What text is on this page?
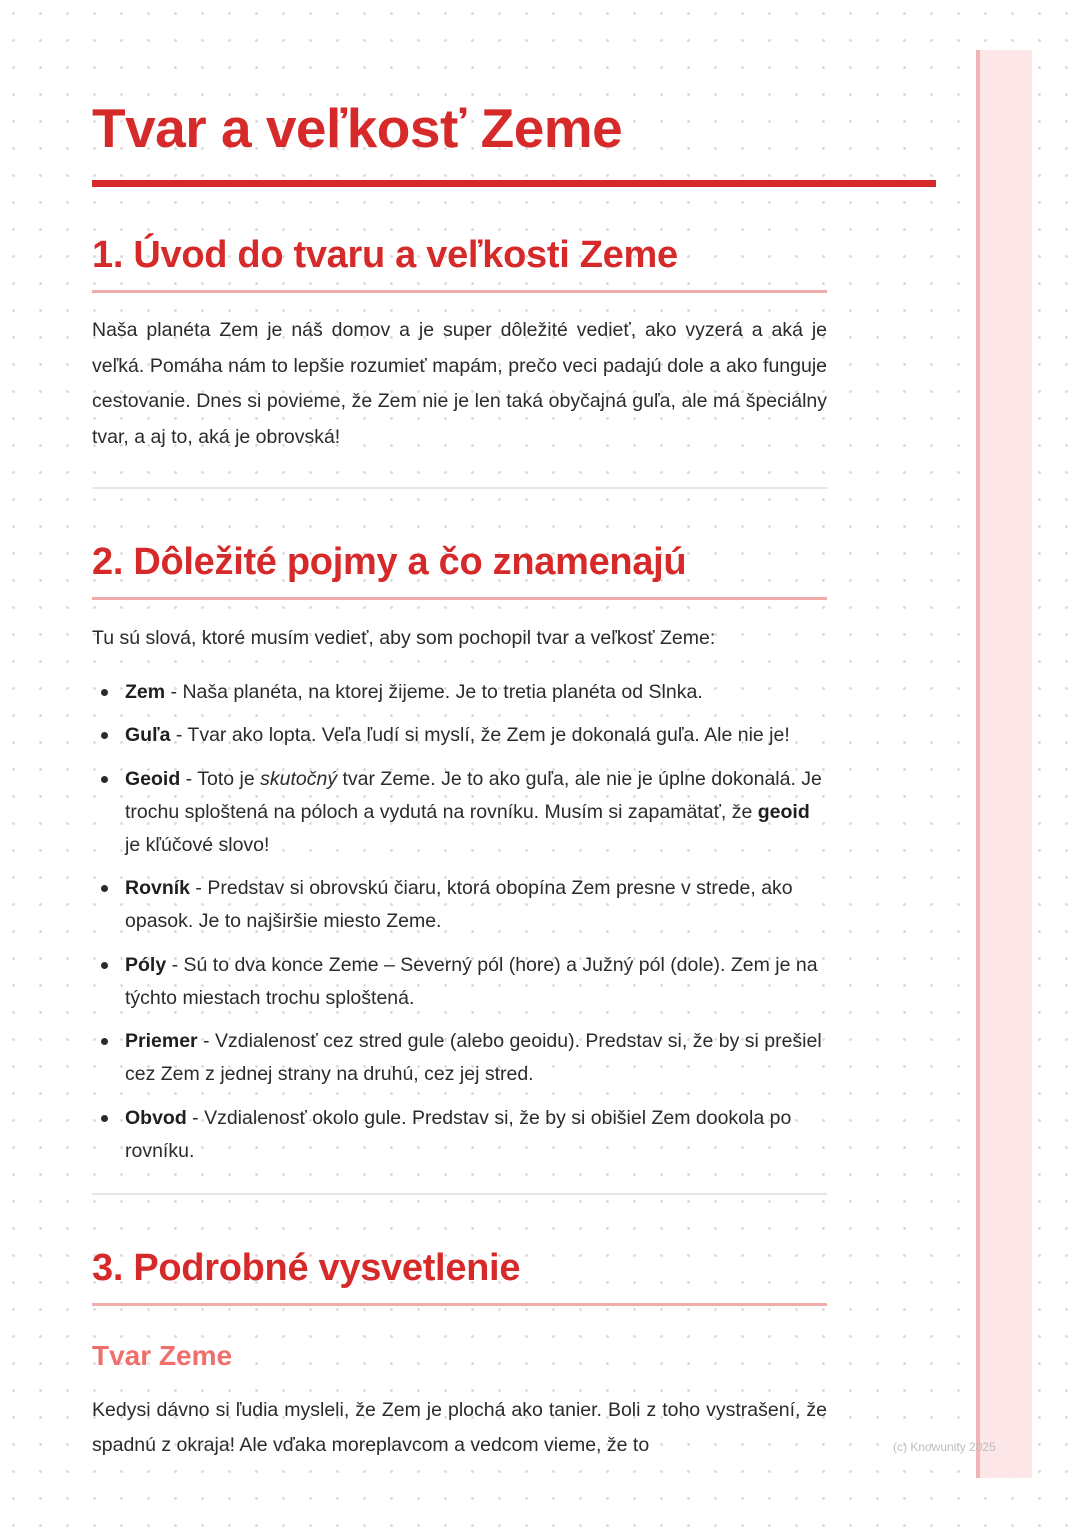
Tvar a veľkosť Zeme
1. Úvod do tvaru a veľkosti Zeme

Naša planéta Zem je náš domov a je super dôležité vedieť, ako vyzerá a aká je veľká. Pomáha nám to lepšie rozumieť mapám, prečo veci padajú dole a ako funguje cestovanie. Dnes si povieme, že Zem nie je len taká obyčajná guľa, ale má špeciálny tvar, a aj to, aká je obrovská!

2. Dôležité pojmy a čo znamenajú

Tu sú slová, ktoré musím vedieť, aby som pochopil tvar a veľkosť Zeme:

Zem - Naša planéta, na ktorej žijeme. Je to tretia planéta od Slnka.
Guľa - Tvar ako lopta. Veľa ľudí si myslí, že Zem je dokonalá guľa. Ale nie je!
Geoid - Toto je skutočný tvar Zeme. Je to ako guľa, ale nie je úplne dokonalá. Je trochu sploštená na póloch a vydutá na rovníku. Musím si zapamätať, že geoid je kľúčové slovo!
Rovník - Predstav si obrovskú čiaru, ktorá obopína Zem presne v strede, ako opasok. Je to najširšie miesto Zeme.
Póly - Sú to dva konce Zeme – Severný pól (hore) a Južný pól (dole). Zem je na týchto miestach trochu sploštená.
Priemer - Vzdialenosť cez stred gule (alebo geoidu). Predstav si, že by si prešiel cez Zem z jednej strany na druhú, cez jej stred.
Obvod - Vzdialenosť okolo gule. Predstav si, že by si obišiel Zem dookola po rovníku.
3. Podrobné vysvetlenie
Tvar Zeme

Kedysi dávno si ľudia mysleli, že Zem je plochá ako tanier. Boli z toho vystrašení, že spadnú z okraja! Ale vďaka moreplavcom a vedcom vieme, že to	(c) Knowunity 2025
